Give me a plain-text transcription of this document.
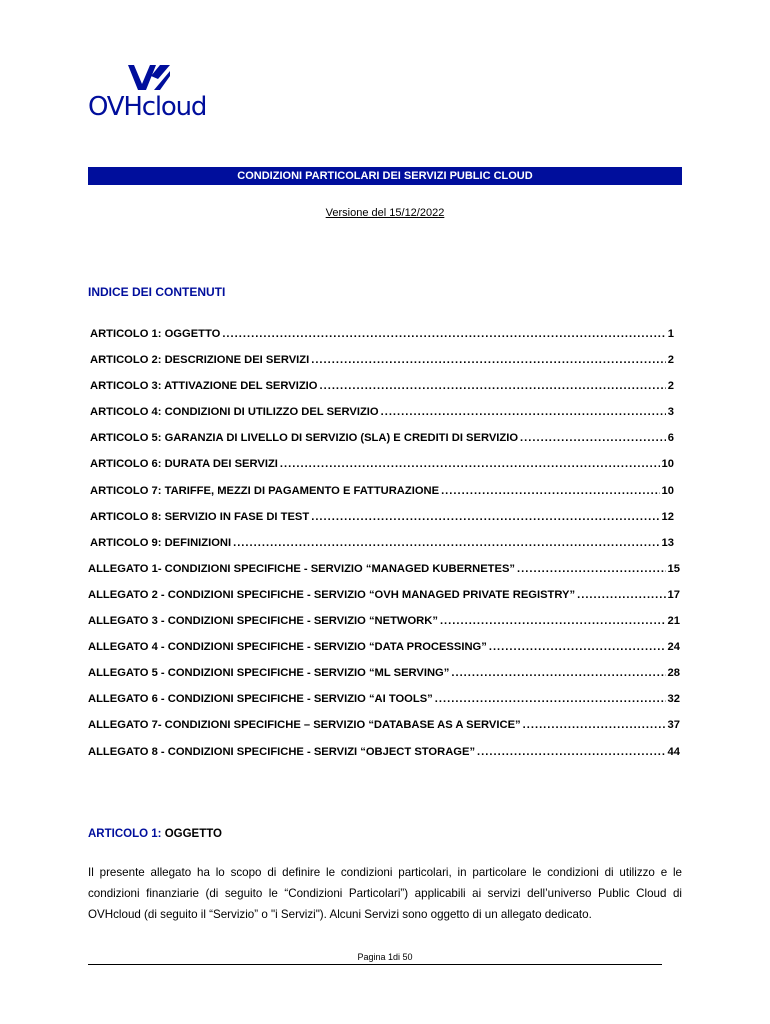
OVHcloud
CONDIZIONI PARTICOLARI DEI SERVIZI PUBLIC CLOUD
Versione del 15/12/2022
INDICE DEI CONTENUTI
ARTICOLO 1: OGGETTO .....	1
ARTICOLO 2: DESCRIZIONE DEI SERVIZI .....	2
ARTICOLO 3: ATTIVAZIONE DEL SERVIZIO .....	2
ARTICOLO 4: CONDIZIONI DI UTILIZZO DEL SERVIZIO .....	3
ARTICOLO 5: GARANZIA DI LIVELLO DI SERVIZIO (SLA) E CREDITI DI SERVIZIO .....	6
ARTICOLO 6: DURATA DEI SERVIZI .....	10
ARTICOLO 7: TARIFFE, MEZZI DI PAGAMENTO E FATTURAZIONE .....	10
ARTICOLO 8: SERVIZIO IN FASE DI TEST .....	12
ARTICOLO 9: DEFINIZIONI .....	13
ALLEGATO 1- CONDIZIONI SPECIFICHE - SERVIZIO “MANAGED KUBERNETES” .....	15
ALLEGATO 2 - CONDIZIONI SPECIFICHE - SERVIZIO “OVH MANAGED PRIVATE REGISTRY” .....	17
ALLEGATO 3 - CONDIZIONI SPECIFICHE - SERVIZIO “NETWORK” .....	21
ALLEGATO 4 - CONDIZIONI SPECIFICHE - SERVIZIO “DATA PROCESSING” .....	24
ALLEGATO 5 - CONDIZIONI SPECIFICHE - SERVIZIO “ML SERVING” .....	28
ALLEGATO 6 - CONDIZIONI SPECIFICHE - SERVIZIO “AI TOOLS” .....	32
ALLEGATO 7- CONDIZIONI SPECIFICHE – SERVIZIO “DATABASE AS A SERVICE” .....	37
ALLEGATO 8 - CONDIZIONI SPECIFICHE - SERVIZI “OBJECT STORAGE” .....	44
ARTICOLO 1: OGGETTO
Il presente allegato ha lo scopo di definire le condizioni particolari, in particolare le condizioni di utilizzo e le condizioni finanziarie (di seguito le “Condizioni Particolari”) applicabili ai servizi dell’universo Public Cloud di OVHcloud (di seguito il “Servizio” o "i Servizi"). Alcuni Servizi sono oggetto di un allegato dedicato.
Pagina 1di 50
